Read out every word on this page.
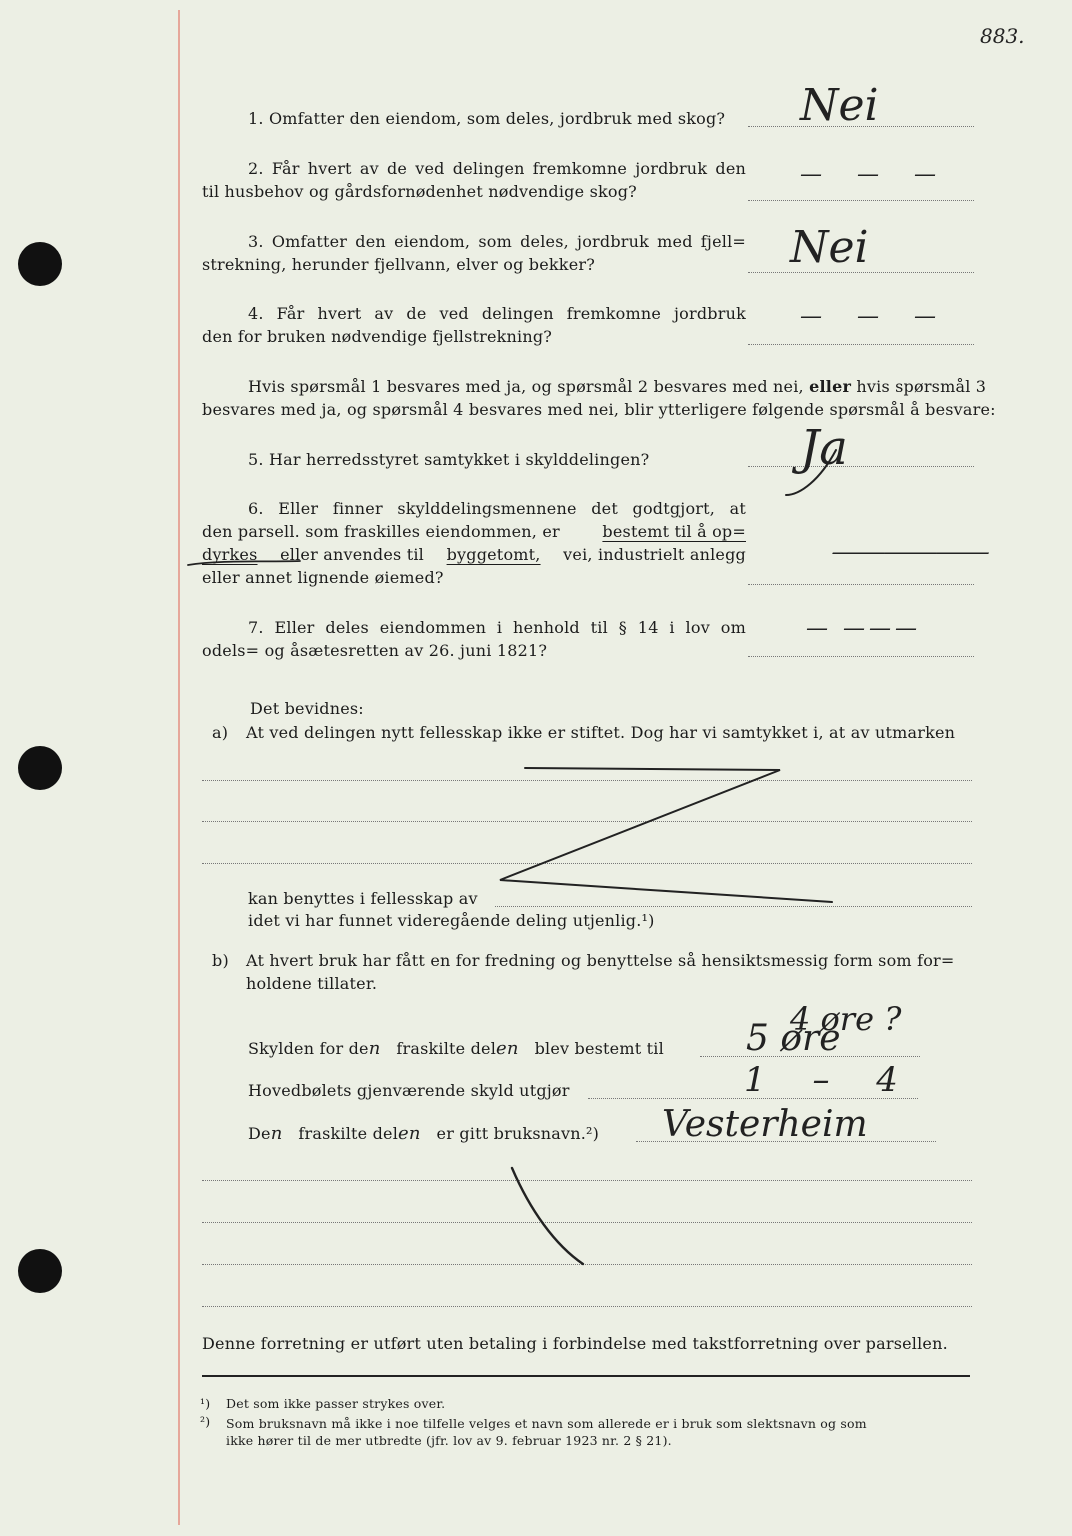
883.
1. Omfatter den eiendom, som deles, jordbruk med skog? Nei
2. Får hvert av de ved delingen fremkomne jordbruk den
til husbehov og gårdsfornødenhet nødvendige skog?
— — —
3. Omfatter den eiendom, som deles, jordbruk med fjell=
strekning, herunder fjellvann, elver og bekker?	Nei
4. Får hvert av de ved delingen fremkomne jordbruk
den for bruken nødvendige fjellstrekning?
— — —
Hvis spørsmål 1 besvares med ja, og spørsmål 2 besvares med nei, eller hvis spørsmål 3
besvares med ja, og spørsmål 4 besvares med nei, blir ytterligere følgende spørsmål å besvare:
5. Har herredsstyret samtykket i skylddelingen?	Ja
6. Eller finner skylddelingsmennene det godtgjort, at
den parsell. som fraskilles eiendommen, er	bestemt til å op=
dyrkes eller anvendes til byggetomt, vei, industrielt anlegg
eller annet lignende øiemed?
———
7. Eller deles eiendommen i henhold til § 14 i lov om
odels= og åsætesretten av 26. juni 1821?
— ———
Det bevidnes:
a) At ved delingen nytt fellesskap ikke er stiftet. Dog har vi samtykket i, at av utmarken
kan benyttes i fellesskap av
idet vi har funnet videregående deling utjenlig.¹)
b) At hvert bruk har fått en for fredning og benyttelse så hensiktsmessig form som for=
holdene tillater.
4 øre ?
Skylden for den fraskilte delen blev bestemt til 5 øre
Hovedbølets gjenværende skyld utgjør	1 – 4
Den fraskilte delen er gitt bruksnavn.²) Vesterheim
Denne forretning er utført uten betaling i forbindelse med takstforretning over parsellen.
¹) Det som ikke passer strykes over.
²) Som bruksnavn må ikke i noe tilfelle velges et navn som allerede er i bruk som slektsnavn og som
ikke hører til de mer utbredte (jfr. lov av 9. februar 1923 nr. 2 § 21).
